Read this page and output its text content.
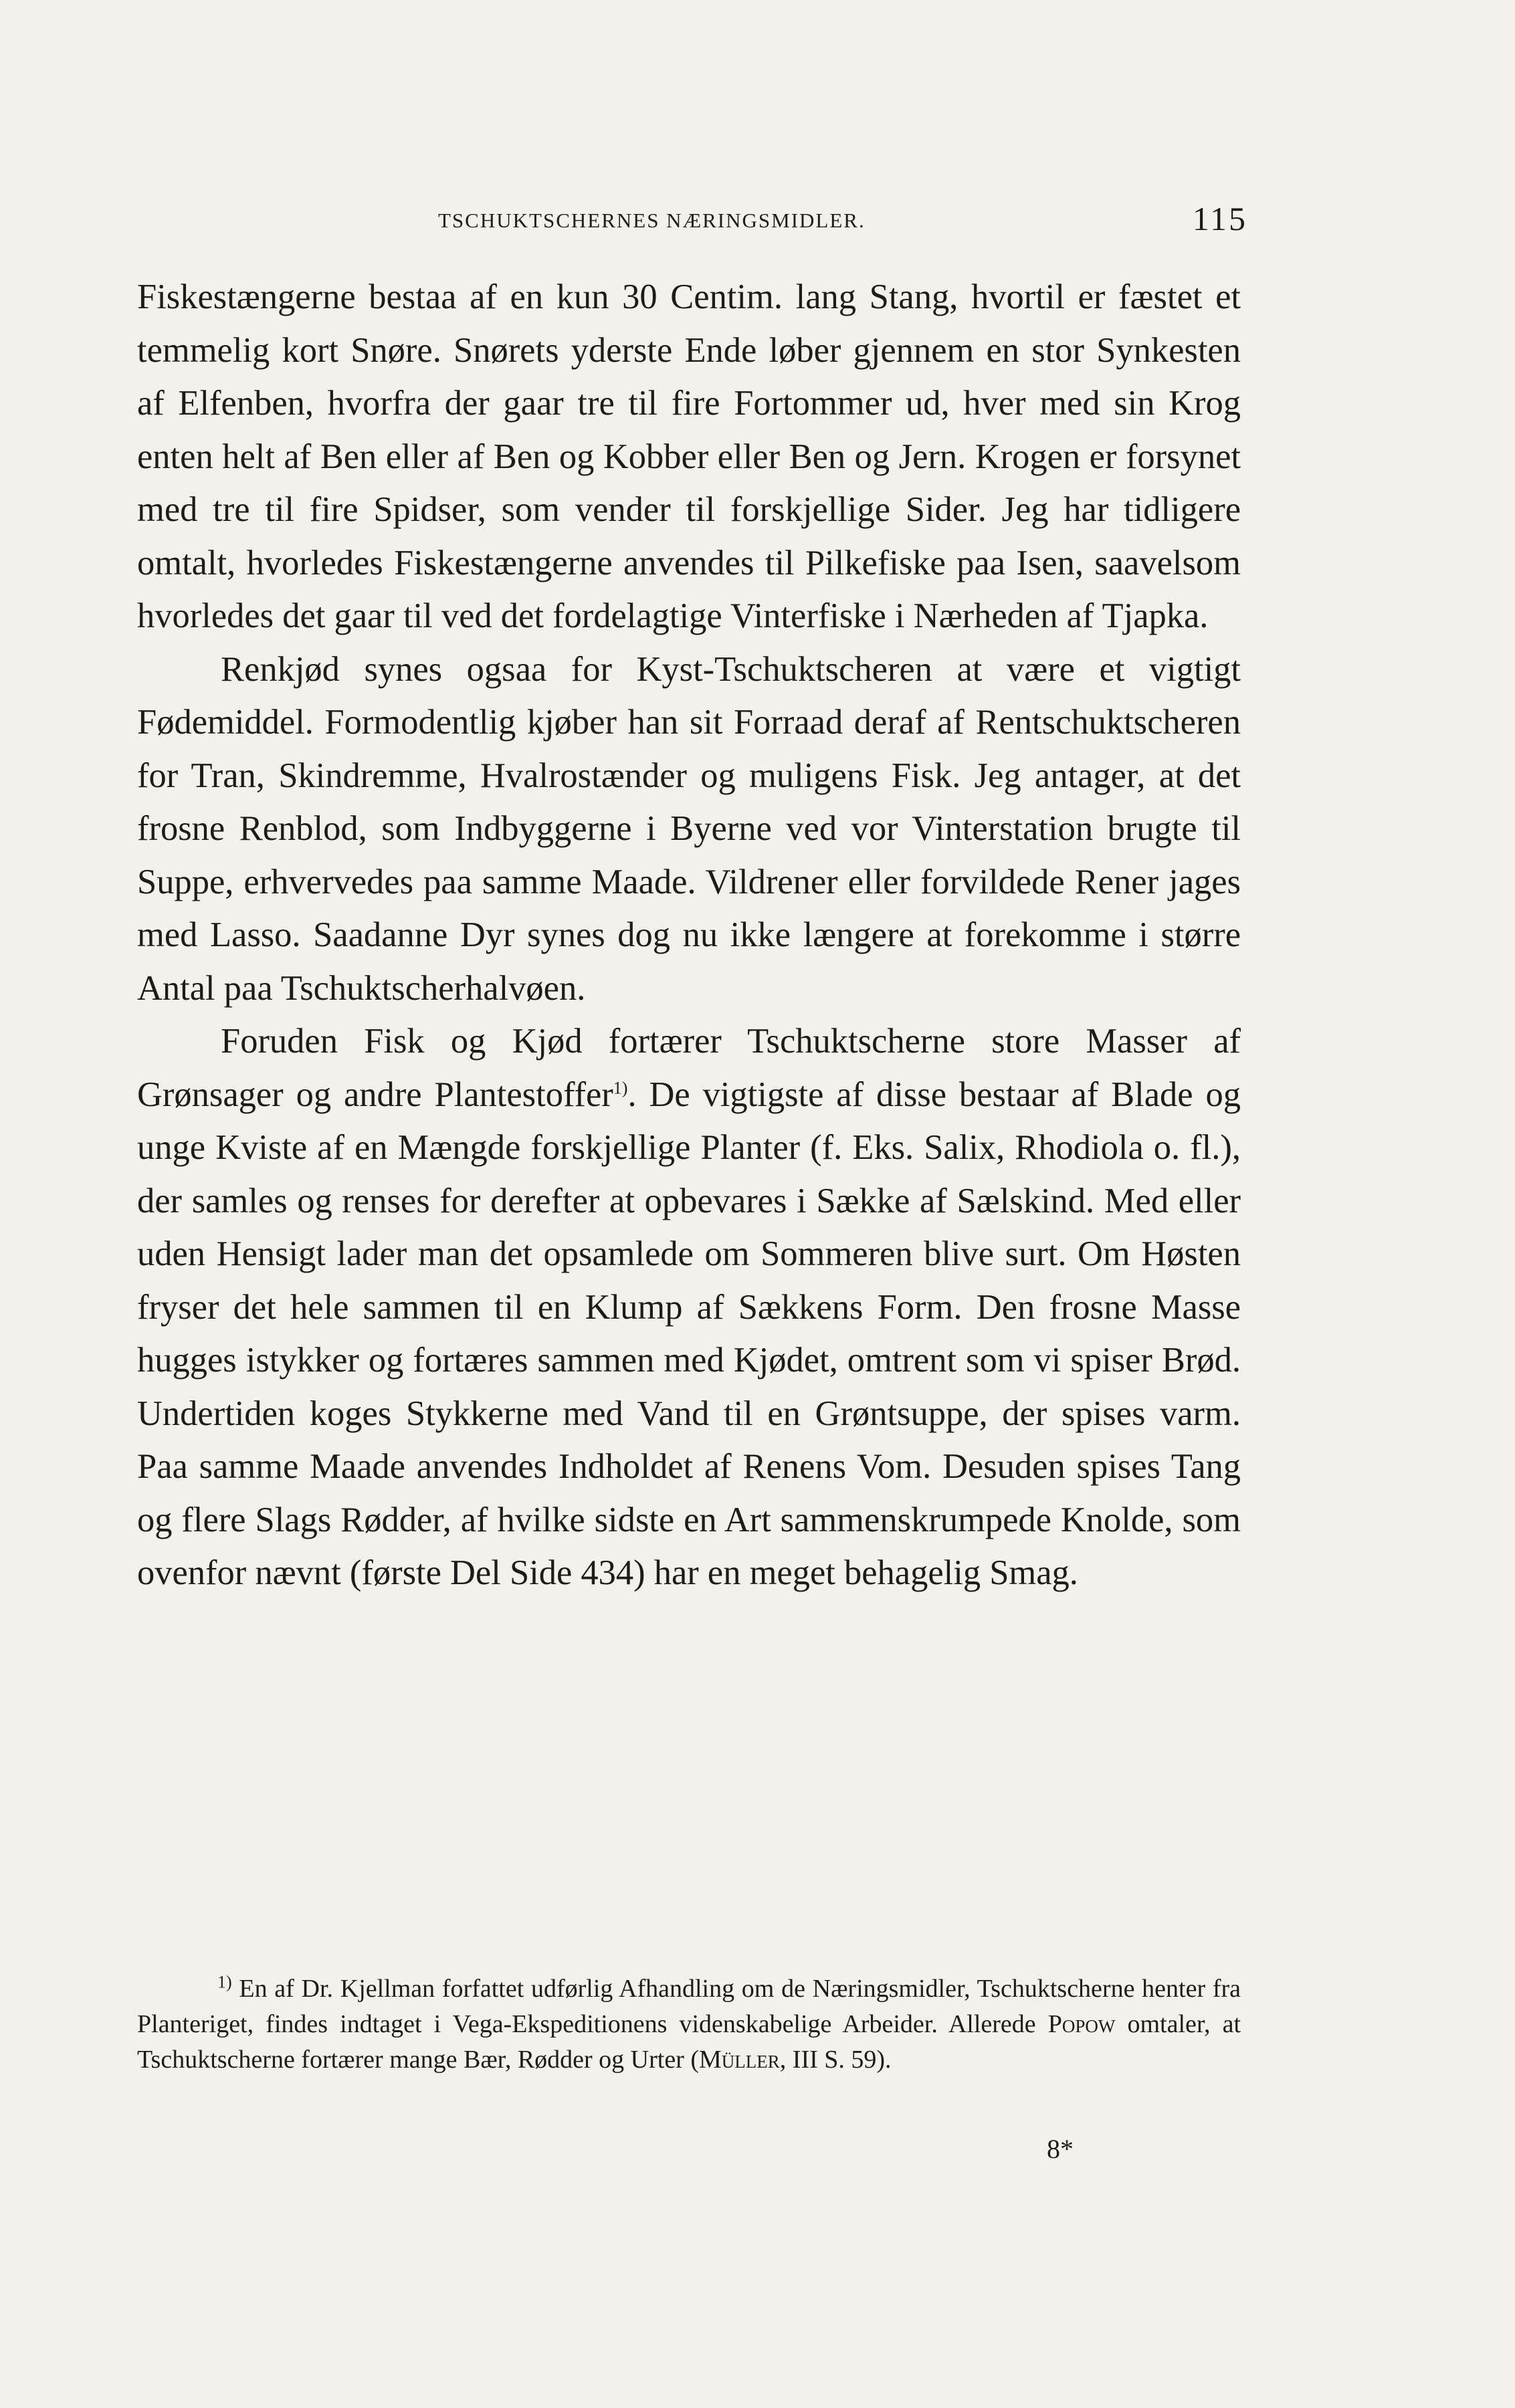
TSCHUKTSCHERNES NÆRINGSMIDLER.	115

Fiskestængerne bestaa af en kun 30 Centim. lang Stang, hvortil er fæstet et temmelig kort Snøre. Snørets yderste Ende løber gjennem en stor Synkesten af Elfenben, hvorfra der gaar tre til fire Fortommer ud, hver med sin Krog enten helt af Ben eller af Ben og Kobber eller Ben og Jern. Krogen er forsynet med tre til fire Spidser, som vender til forskjellige Sider. Jeg har tidligere omtalt, hvorledes Fiskestængerne anvendes til Pilkefiske paa Isen, saavelsom hvorledes det gaar til ved det fordelagtige Vinterfiske i Nærheden af Tjapka.

Renkjød synes ogsaa for Kyst-Tschuktscheren at være et vigtigt Fødemiddel. Formodentlig kjøber han sit Forraad deraf af Rentschuktscheren for Tran, Skindremme, Hvalrostænder og muligens Fisk. Jeg antager, at det frosne Renblod, som Indbyggerne i Byerne ved vor Vinterstation brugte til Suppe, erhvervedes paa samme Maade. Vildrener eller forvildede Rener jages med Lasso. Saadanne Dyr synes dog nu ikke længere at forekomme i større Antal paa Tschuktscherhalvøen.

Foruden Fisk og Kjød fortærer Tschuktscherne store Masser af Grønsager og andre Plantestoffer$^{1)}$. De vigtigste af disse bestaar af Blade og unge Kviste af en Mængde forskjellige Planter (f. Eks. Salix, Rhodiola o. fl.), der samles og renses for derefter at opbevares i Sække af Sælskind. Med eller uden Hensigt lader man det opsamlede om Sommeren blive surt. Om Høsten fryser det hele sammen til en Klump af Sækkens Form. Den frosne Masse hugges istykker og fortæres sammen med Kjødet, omtrent som vi spiser Brød. Undertiden koges Stykkerne med Vand til en Grøntsuppe, der spises varm. Paa samme Maade anvendes Indholdet af Renens Vom. Desuden spises Tang og flere Slags Rødder, af hvilke sidste en Art sammenskrumpede Knolde, som ovenfor nævnt (første Del Side 434) har en meget behagelig Smag.

$^{1)}$ En af Dr. Kjellman forfattet udførlig Afhandling om de Næringsmidler, Tschuktscherne henter fra Planteriget, findes indtaget i Vega-Ekspeditionens videnskabelige Arbeider. Allerede Popow omtaler, at Tschuktscherne fortærer mange Bær, Rødder og Urter (Müller, III S. 59).
8*
